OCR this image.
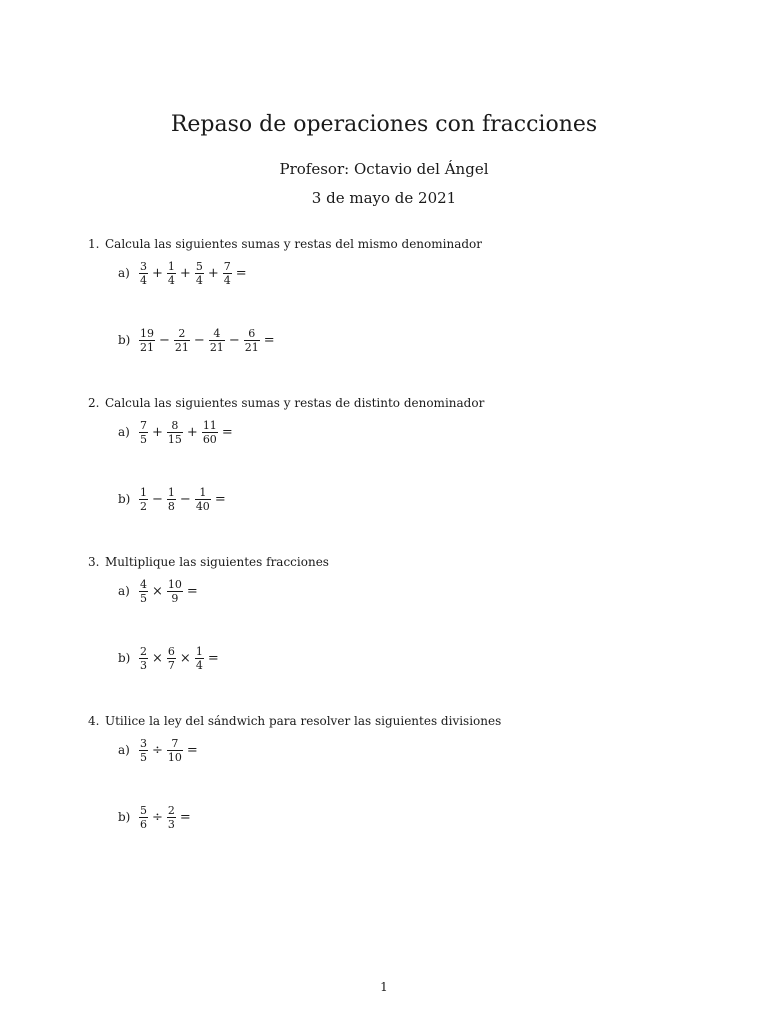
Repaso de operaciones con fracciones
Profesor: Octavio del Ángel
3 de mayo de 2021
1. Calcula las siguientes sumas y restas del mismo denominador
$a) \frac{3}{4} + \frac{1}{4} + \frac{5}{4} + \frac{7}{4}$ =
$b) \frac{19}{21} - \frac{2}{21} - \frac{4}{21} - \frac{6}{21}$ =
2. Calcula las siguientes sumas y restas de distinto denominador
$a) \frac{7}{5} + \frac{8}{15} + \frac{11}{60}$ =
$b) \frac{1}{2} - \frac{1}{8} - \frac{1}{40}$ =
3. Multiplique las siguientes fracciones
$a) \frac{4}{5} \times \frac{10}{9}$ =
$b) \frac{2}{3} \times \frac{6}{7} \times \frac{1}{4}$ =
4. Utilice la ley del sándwich para resolver las siguientes divisiones
$a) \frac{3}{5} \div \frac{7}{10}$ =
$b) \frac{5}{6} \div \frac{2}{3}$ =
1
